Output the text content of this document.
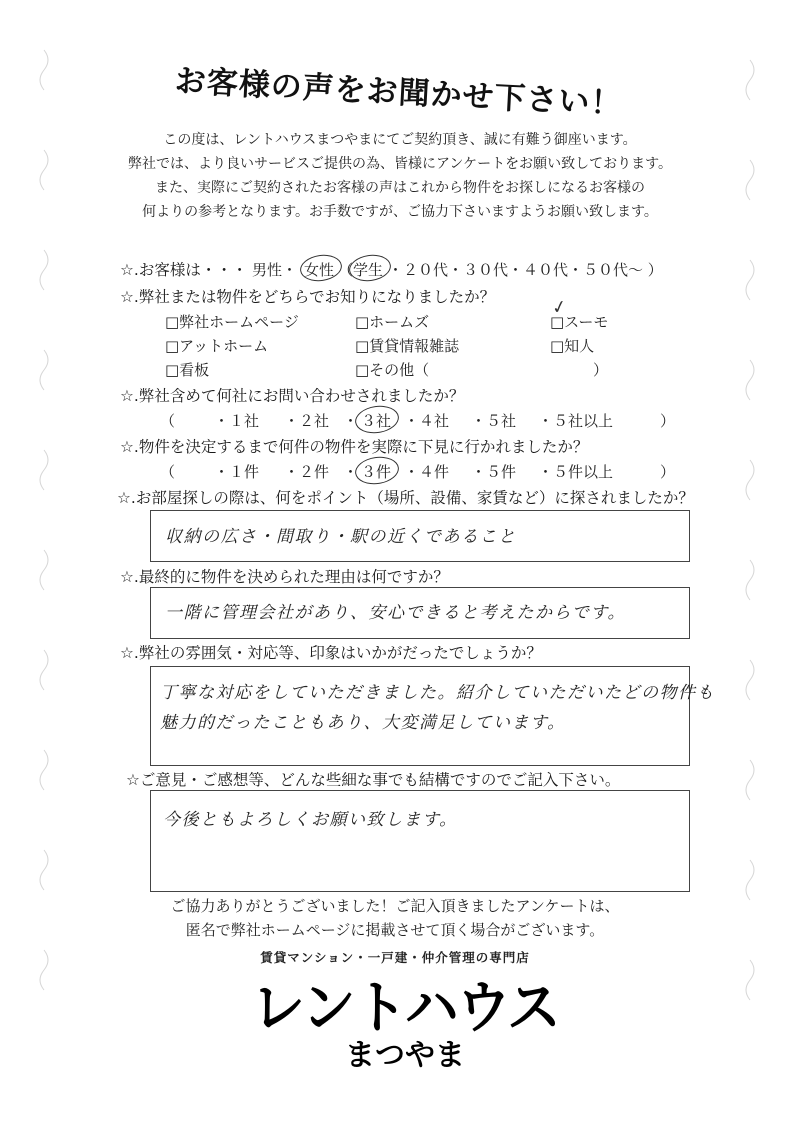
お客様の声をお聞かせ下さい！
この度は、レントハウスまつやまにてご契約頂き、誠に有難う御座います。
弊社では、より良いサービスご提供の為、皆様にアンケートをお願い致しております。
また、実際にご契約されたお客様の声はこれから物件をお探しになるお客様の
何よりの参考となります。お手数ですが、ご協力下さいますようお願い致します。
☆.お客様は・・・ 男性・ 女性 （ 学生 ・２０代・３０代・４０代・５０代〜 ）
☆.弊社または物件をどちらでお知りになりましたか？
□弊社ホームページ	□ホームズ	□スーモ
✓
□アットホーム	□賃貸情報雑誌	□知人
□看板	□その他（	）
☆.弊社含めて何社にお問い合わせされましたか？
（	・１社 ・２社 ・ ３社 ・４社 ・５社 ・５社以上	）
☆.物件を決定するまで何件の物件を実際に下見に行かれましたか？
（	・１件 ・２件 ・ ３件 ・４件 ・５件 ・５件以上	）
☆.お部屋探しの際は、何をポイント（場所、設備、家賃など）に探されましたか？
収納の広さ・間取り・駅の近くであること
☆.最終的に物件を決められた理由は何ですか？
一階に管理会社があり、安心できると考えたからです。
☆.弊社の雰囲気・対応等、印象はいかがだったでしょうか？
丁寧な対応をしていただきました。紹介していただいたどの物件も
魅力的だったこともあり、大変満足しています。
☆ご意見・ご感想等、どんな些細な事でも結構ですのでご記入下さい。
今後ともよろしくお願い致します。
ご協力ありがとうございました！ご記入頂きましたアンケートは、
匿名で弊社ホームページに掲載させて頂く場合がございます。
賃貸マンション・一戸建・仲介管理の専門店
レントハウス
まつやま
